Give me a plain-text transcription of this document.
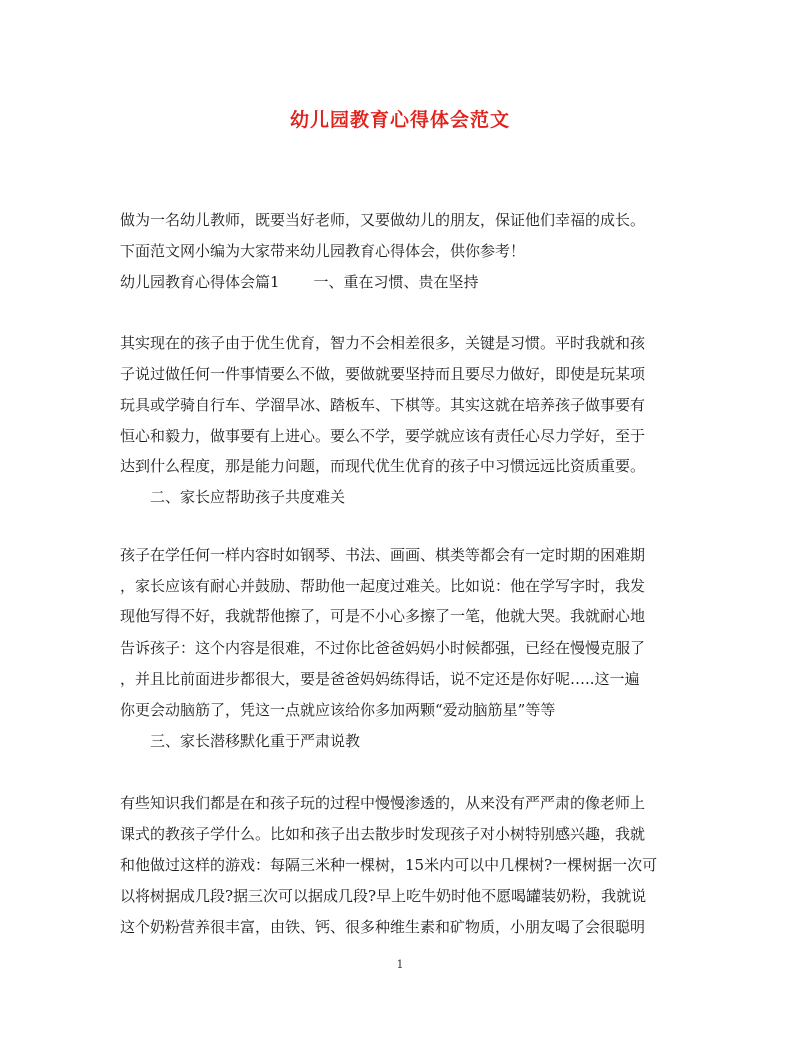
幼儿园教育心得体会范文
做为一名幼儿教师，既要当好老师，又要做幼儿的朋友，保证他们幸福的成长。
下面范文网小编为大家带来幼儿园教育心得体会，供你参考！
幼儿园教育心得体会篇1 一、重在习惯、贵在坚持
其实现在的孩子由于优生优育，智力不会相差很多，关键是习惯。平时我就和孩
子说过做任何一件事情要么不做，要做就要坚持而且要尽力做好，即使是玩某项
玩具或学骑自行车、学溜旱冰、踏板车、下棋等。其实这就在培养孩子做事要有
恒心和毅力，做事要有上进心。要么不学，要学就应该有责任心尽力学好，至于
达到什么程度，那是能力问题，而现代优生优育的孩子中习惯远远比资质重要。
二、家长应帮助孩子共度难关
孩子在学任何一样内容时如钢琴、书法、画画、棋类等都会有一定时期的困难期
，家长应该有耐心并鼓励、帮助他一起度过难关。比如说：他在学写字时，我发
现他写得不好，我就帮他擦了，可是不小心多擦了一笔，他就大哭。我就耐心地
告诉孩子：这个内容是很难，不过你比爸爸妈妈小时候都强，已经在慢慢克服了
，并且比前面进步都很大，要是爸爸妈妈练得话，说不定还是你好呢…..这一遍
你更会动脑筋了，凭这一点就应该给你多加两颗“爱动脑筋星”等等
三、家长潜移默化重于严肃说教
有些知识我们都是在和孩子玩的过程中慢慢渗透的，从来没有严严肃的像老师上
课式的教孩子学什么。比如和孩子出去散步时发现孩子对小树特别感兴趣，我就
和他做过这样的游戏：每隔三米种一棵树，15米内可以中几棵树?一棵树据一次可
以将树据成几段?据三次可以据成几段?早上吃牛奶时他不愿喝罐装奶粉，我就说
这个奶粉营养很丰富，由铁、钙、很多种维生素和矿物质，小朋友喝了会很聪明
1
